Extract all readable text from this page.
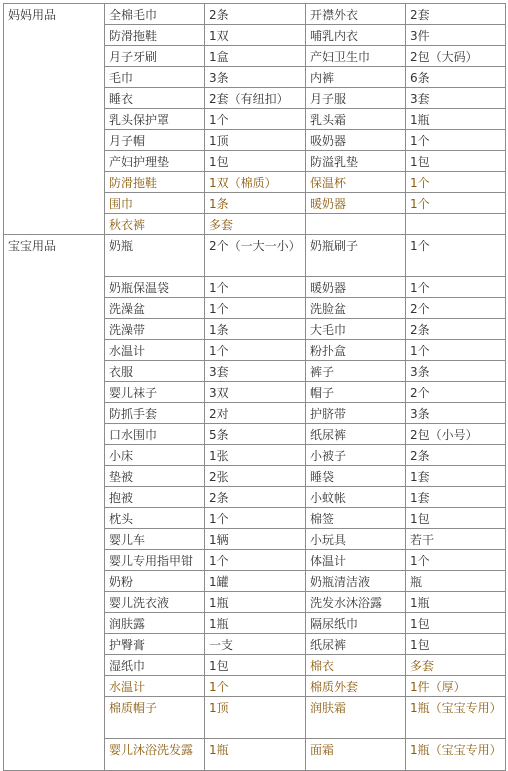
妈妈用品	全棉毛巾	2条	开襟外衣	2套
	防滑拖鞋	1双	哺乳内衣	3件
	月子牙刷	1盒	产妇卫生巾	2包（大码）
	毛巾	3条	内裤	6条
	睡衣	2套（有纽扣）	月子服	3套
	乳头保护罩	1个	乳头霜	1瓶
	月子帽	1顶	吸奶器	1个
	产妇护理垫	1包	防溢乳垫	1包
	防滑拖鞋	1双（棉质）	保温杯	1个
	围巾	1条	暖奶器	1个
	秋衣裤	多套		
宝宝用品	奶瓶	2个（一大一小）	奶瓶刷子	1个
	奶瓶保温袋	1个	暖奶器	1个
	洗澡盆	1个	洗脸盆	2个
	洗澡带	1条	大毛巾	2条
	水温计	1个	粉扑盒	1个
	衣服	3套	裤子	3条
	婴儿袜子	3双	帽子	2个
	防抓手套	2对	护脐带	3条
	口水围巾	5条	纸尿裤	2包（小号）
	小床	1张	小被子	2条
	垫被	2张	睡袋	1套
	抱被	2条	小蚊帐	1套
	枕头	1个	棉签	1包
	婴儿车	1辆	小玩具	若干
	婴儿专用指甲钳	1个	体温计	1个
	奶粉	1罐	奶瓶清洁液	瓶
	婴儿洗衣液	1瓶	洗发水沐浴露	1瓶
	润肤露	1瓶	隔尿纸巾	1包
	护臀膏	一支	纸尿裤	1包
	湿纸巾	1包	棉衣	多套
	水温计	1个	棉质外套	1件（厚）
	棉质帽子	1顶	润肤霜	1瓶（宝宝专用）
	婴儿沐浴洗发露	1瓶	面霜	1瓶（宝宝专用）
